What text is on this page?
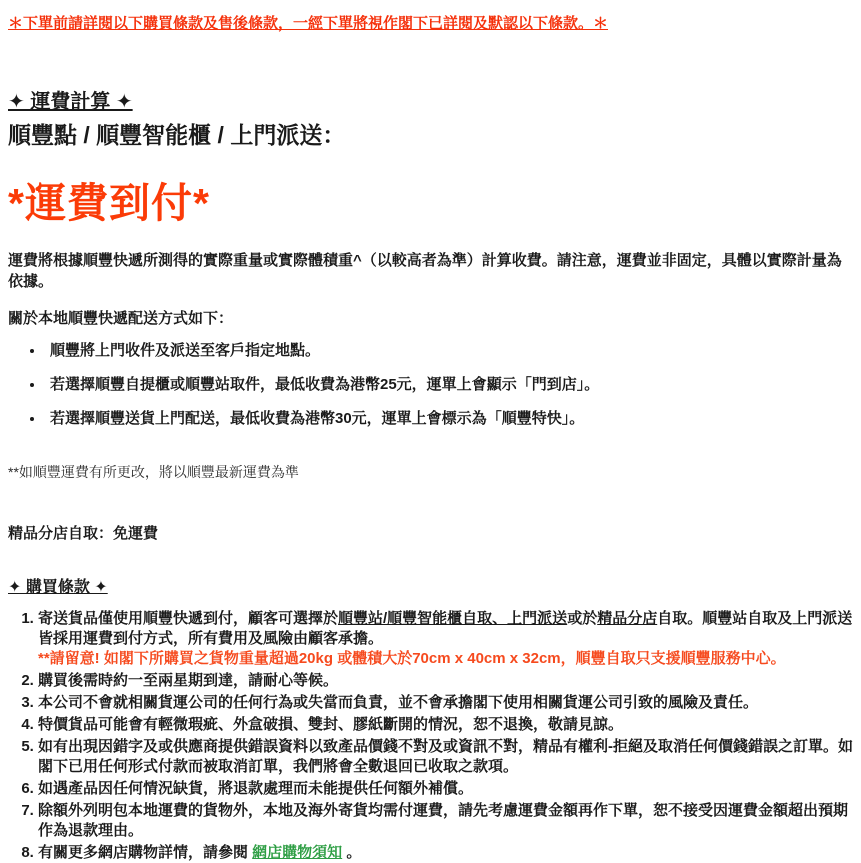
＊下單前請詳閱以下購買條款及售後條款，一經下單將視作閣下已詳閱及默認以下條款。＊

✦ 運費計算 ✦
順豐點 / 順豐智能櫃 / 上門派送：
*運費到付*

運費將根據順豐快遞所測得的實際重量或實際體積重^（以較高者為準）計算收費。請注意，運費並非固定，具體以實際計量為依據。

關於本地順豐快遞配送方式如下：
• 順豐將上門收件及派送至客戶指定地點。
• 若選擇順豐自提櫃或順豐站取件，最低收費為港幣25元，運單上會顯示「門到店」。
• 若選擇順豐送貨上門配送，最低收費為港幣30元，運單上會標示為「順豐特快」。

**如順豐運費有所更改，將以順豐最新運費為準

精品分店自取：免運費
✦ 購買條款 ✦
1. 寄送貨品僅使用順豐快遞到付，顧客可選擇於順豐站/順豐智能櫃自取、上門派送或於精品分店自取。順豐站自取及上門派送皆採用運費到付方式，所有費用及風險由顧客承擔。
**請留意! 如閣下所購買之貨物重量超過20kg 或體積大於70cm x 40cm x 32cm，順豐自取只支援順豐服務中心。
2. 購買後需時約一至兩星期到達，請耐心等候。
3. 本公司不會就相關貨運公司的任何行為或失當而負責，並不會承擔閣下使用相關貨運公司引致的風險及責任。
4. 特價貨品可能會有輕微瑕疵、外盒破損、雙封、膠紙斷開的情況，恕不退換，敬請見諒。
5. 如有出現因錯字及或供應商提供錯誤資料以致產品價錢不對及或資訊不對，精品有權利-拒絕及取消任何價錢錯誤之訂單。如閣下已用任何形式付款而被取消訂單，我們將會全數退回已收取之款項。
6. 如遇產品因任何情況缺貨，將退款處理而未能提供任何額外補償。
7. 除額外列明包本地運費的貨物外，本地及海外寄貨均需付運費，請先考慮運費金額再作下單，恕不接受因運費金額超出預期作為退款理由。
8. 有關更多網店購物詳情，請參閱 網店購物須知 。
